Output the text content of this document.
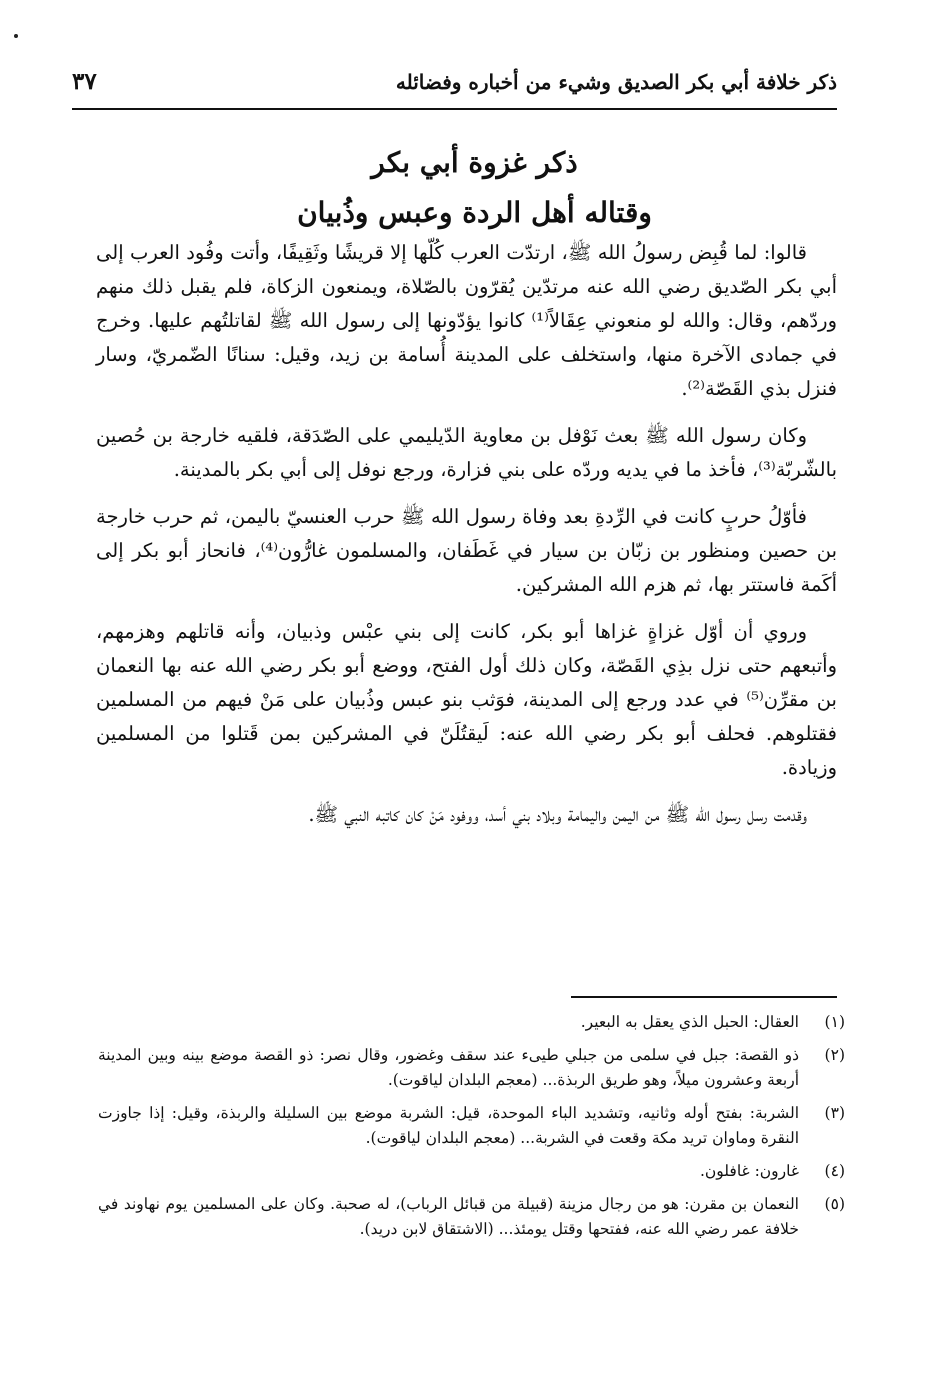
ذكر خلافة أبي بكر الصديق وشيء من أخباره وفضائله
٣٧
ذكر غزوة أبي بكر
وقتاله أهل الردة وعبس وذُبيان

قالوا: لما قُبِض رسولُ الله ﷺ، ارتدّت العرب كُلّها إلا قريشًا وثَقِيفًا، وأتت وفُود العرب إلى أبي بكر الصّديق رضي الله عنه مرتدّين يُقرّون بالصّلاة، ويمنعون الزكاة، فلم يقبل ذلك منهم وردّهم، وقال: والله لو منعوني عِقَالاً⁽¹⁾ كانوا يؤدّونها إلى رسول الله ﷺ لقاتلتُهم عليها. وخرج في جمادى الآخرة منها، واستخلف على المدينة أُسامة بن زيد، وقيل: سنانًا الضّمريّ، وسار فنزل بذي القَصّة⁽²⁾.

وكان رسول الله ﷺ بعث نَوْفل بن معاوية الدّيليمي على الصّدَقة، فلقيه خارجة بن حُصين بالشّربّة⁽³⁾، فأخذ ما في يديه وردّه على بني فزارة، ورجع نوفل إلى أبي بكر بالمدينة.

فأوّلُ حربٍ كانت في الرِّدةِ بعد وفاة رسول الله ﷺ حرب العنسيّ باليمن، ثم حرب خارجة بن حصين ومنظور بن زبّان بن سيار في غَطَفان، والمسلمون غارُّون⁽⁴⁾، فانحاز أبو بكر إلى أكَمة فاستتر بها، ثم هزم الله المشركين.

وروي أن أوّل غزاةٍ غزاها أبو بكر، كانت إلى بني عبْس وذبيان، وأنه قاتلهم وهزمهم، وأتبعهم حتى نزل بذِي القَصّة، وكان ذلك أول الفتح، ووضع أبو بكر رضي الله عنه بها النعمان بن مقرِّن⁽⁵⁾ في عدد ورجع إلى المدينة، فوَثب بنو عبس وذُبيان على مَنْ فيهم من المسلمين فقتلوهم. فحلف أبو بكر رضي الله عنه: لَيقتُلَنّ في المشركين بمن قَتلوا من المسلمين وزيادة.

وقدمت رسل رسول الله ﷺ من اليمن واليمامة وبلاد بني أسد، ووفود مَنْ كان كاتبه النبي ﷺ.

(١)
العقال: الحبل الذي يعقل به البعير.
(٢)
ذو القصة: جبل في سلمى من جبلي طيىء عند سقف وغضور، وقال نصر: ذو القصة موضع بينه وبين المدينة أربعة وعشرون ميلاً، وهو طريق الربذة... (معجم البلدان لياقوت).
(٣)
الشربة: بفتح أوله وثانيه، وتشديد الباء الموحدة، قيل: الشربة موضع بين السليلة والربذة، وقيل: إذا جاوزت النقرة وماوان تريد مكة وقعت في الشربة... (معجم البلدان لياقوت).
(٤)
غارون: غافلون.
(٥)
النعمان بن مقرن: هو من رجال مزينة (قبيلة من قبائل الرباب)، له صحبة. وكان على المسلمين يوم نهاوند في خلافة عمر رضي الله عنه، ففتحها وقتل يومئذ... (الاشتقاق لابن دريد).
